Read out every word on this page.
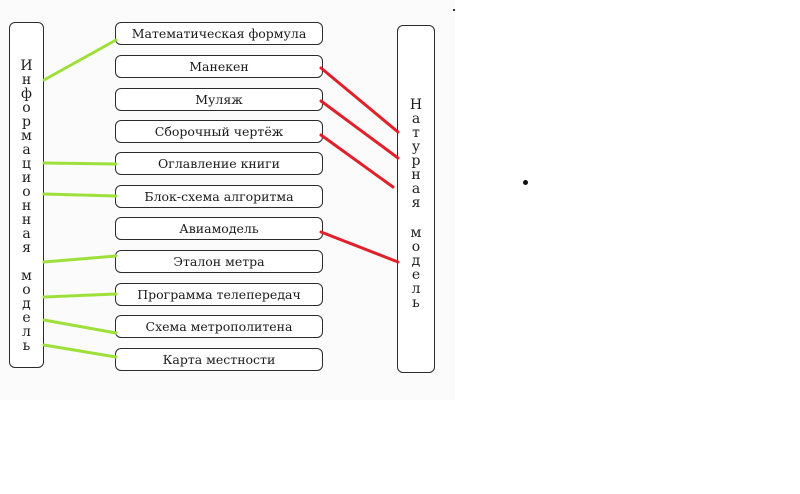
И
н
ф
о
р
м
а
ц
и
о
н
н
а
я
м
о
д
е
л
ь
Н
а
т
у
р
н
а
я
м
о
д
е
л
ь
Математическая формула
Манекен
Муляж
Сборочный чертёж
Оглавление книги
Блок-схема алгоритма
Авиамодель
Эталон метра
Программа телепередач
Схема метрополитена
Карта местности
